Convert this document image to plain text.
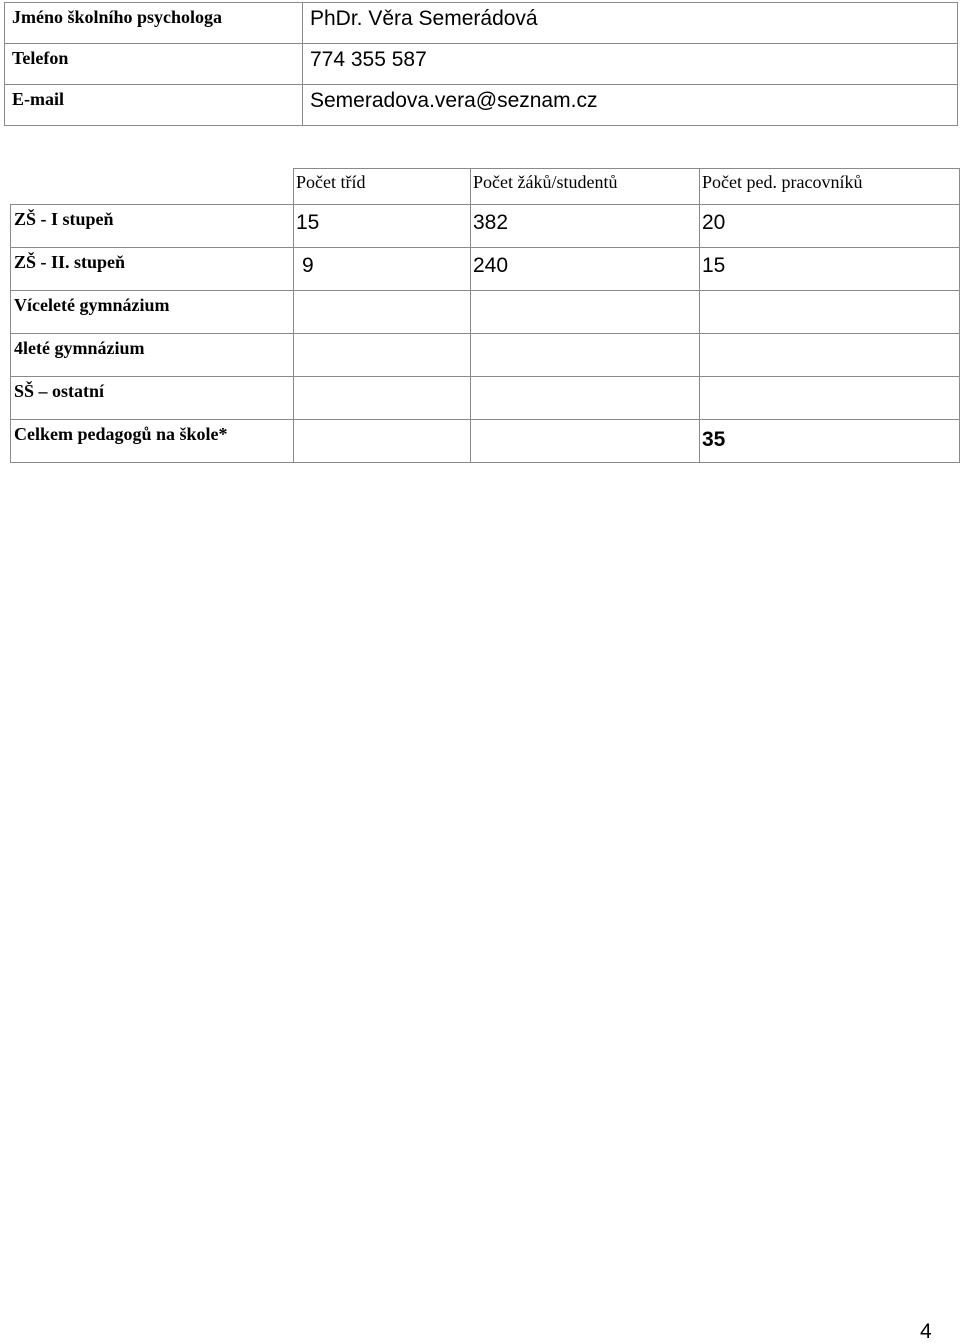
Jméno školního psychologa	PhDr. Věra Semerádová
Telefon	774 355 587
E-mail	Semeradova.vera@seznam.cz
	Počet tříd	Počet žáků/studentů	Počet ped. pracovníků
ZŠ - I stupeň	15	382	20
ZŠ - II. stupeň	9	240	15
Víceleté gymnázium			
4leté gymnázium			
SŠ – ostatní			
Celkem pedagogů na škole*			35
4
